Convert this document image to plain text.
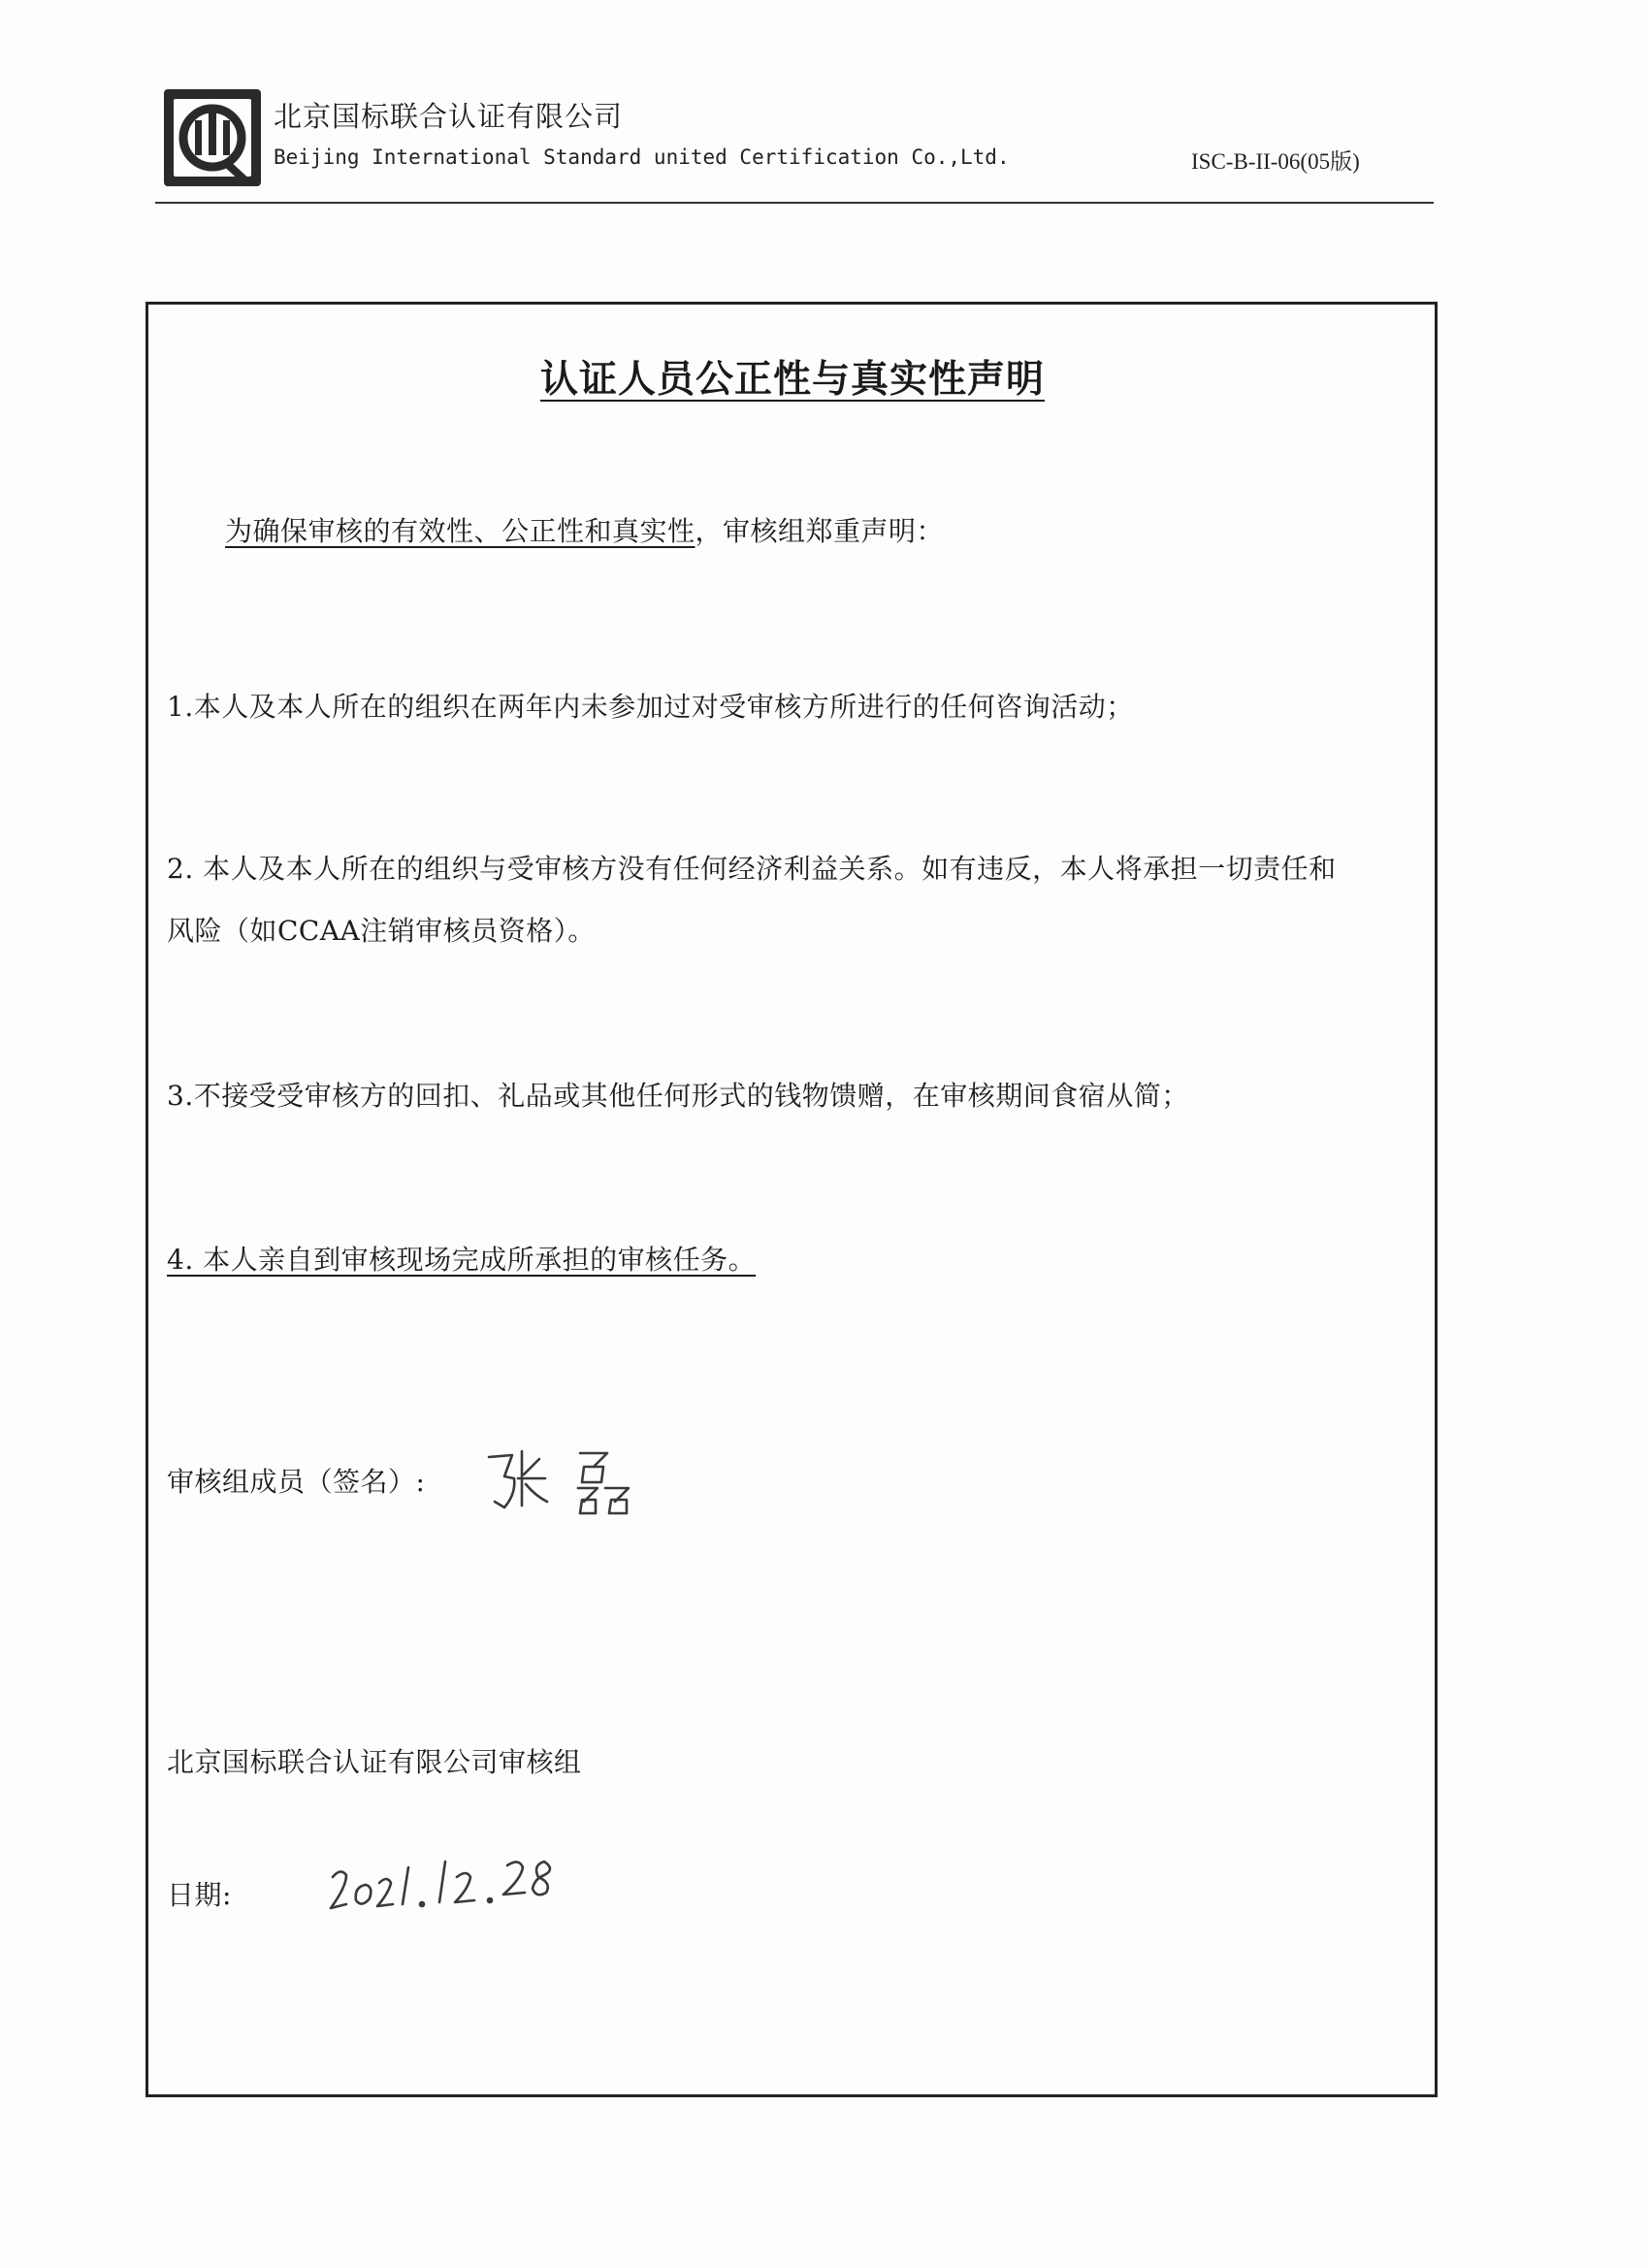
北京国标联合认证有限公司
Beijing International Standard united Certification Co.,Ltd.	ISC-B-II-06(05版)
认证人员公正性与真实性声明
为确保审核的有效性、公正性和真实性，审核组郑重声明：
1.本人及本人所在的组织在两年内未参加过对受审核方所进行的任何咨询活动；
2. 本人及本人所在的组织与受审核方没有任何经济利益关系。如有违反，本人将承担一切责任和
风险（如CCAA注销审核员资格）。
3.不接受受审核方的回扣、礼品或其他任何形式的钱物馈赠，在审核期间食宿从简；
4. 本人亲自到审核现场完成所承担的审核任务。
审核组成员（签名）:
北京国标联合认证有限公司审核组
日期:
